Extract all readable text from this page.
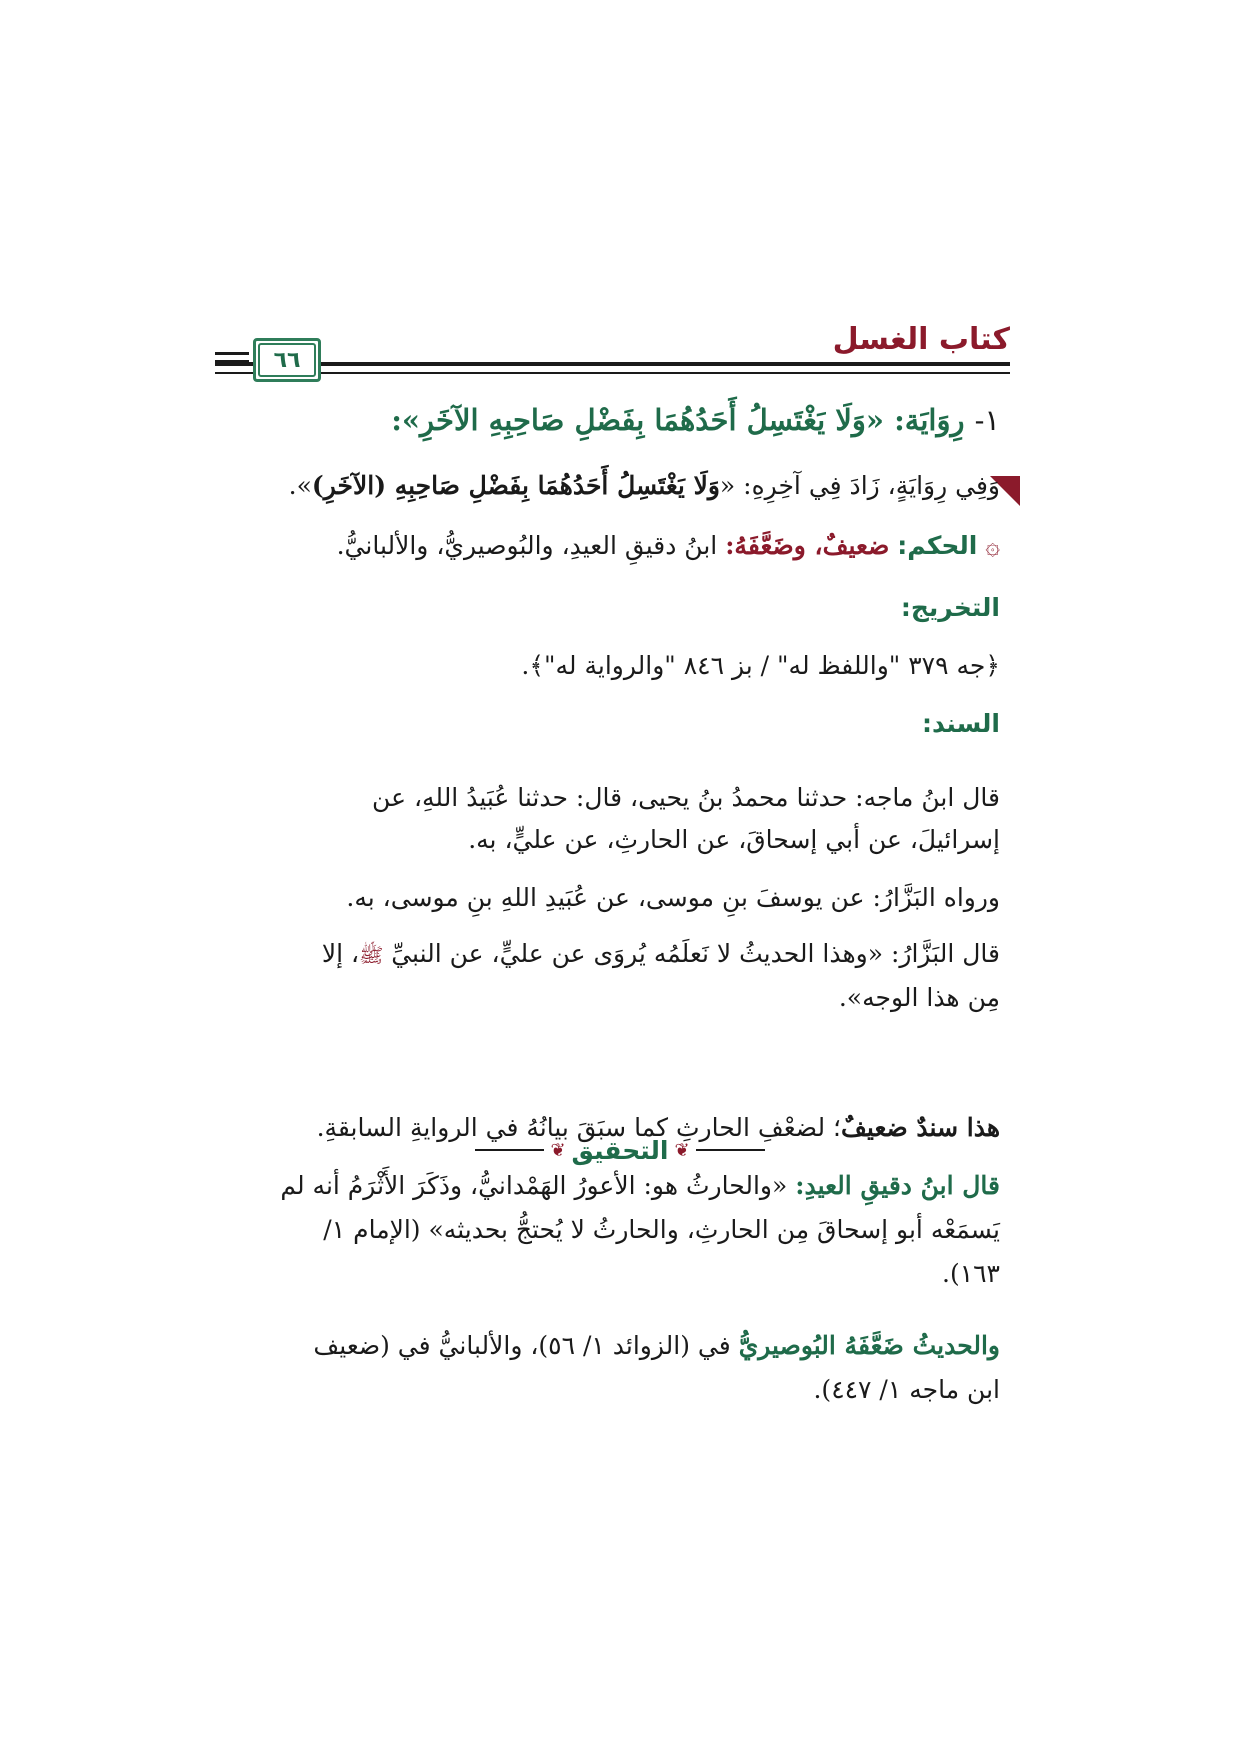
كتاب الغسل
٦٦
١- رِوَايَة: «وَلَا يَغْتَسِلُ أَحَدُهُمَا بِفَضْلِ صَاحِبِهِ الآخَرِ»:
وَفِي رِوَايَةٍ، زَادَ فِي آخِرِهِ: «وَلَا يَغْتَسِلُ أَحَدُهُمَا بِفَضْلِ صَاحِبِهِ (الآخَرِ)».
۞ الحكم: ضعيفٌ، وضَعَّفَهُ: ابنُ دقيقِ العيدِ، والبُوصيريُّ، والألبانيُّ.
التخريج:
﴿جه ٣٧٩ "واللفظ له" / بز ٨٤٦ "والرواية له"﴾.
السند:
قال ابنُ ماجه: حدثنا محمدُ بنُ يحيى، قال: حدثنا عُبَيدُ اللهِ، عن
إسرائيلَ، عن أبي إسحاقَ، عن الحارثِ، عن عليٍّ، به.
ورواه البَزَّارُ: عن يوسفَ بنِ موسى، عن عُبَيدِ اللهِ بنِ موسى، به.
قال البَزَّارُ: «وهذا الحديثُ لا نَعلَمُه يُروَى عن عليٍّ، عن النبيِّ ﷺ، إلا
مِن هذا الوجه».
هذا سندٌ ضعيفٌ؛ لضعْفِ الحارثِ كما سبَقَ بيانُهُ في الروايةِ السابقةِ.
قال ابنُ دقيقِ العيدِ: «والحارثُ هو: الأعورُ الهَمْدانيُّ، وذَكَرَ الأَثْرَمُ أنه لم
يَسمَعْه أبو إسحاقَ مِن الحارثِ، والحارثُ لا يُحتجُّ بحديثه» (الإمام ١/
١٦٣).
والحديثُ ضَعَّفَهُ البُوصيريُّ في (الزوائد ١/ ٥٦)، والألبانيُّ في (ضعيف
ابن ماجه ١/ ٤٤٧).
❦ التحقيق ❦
